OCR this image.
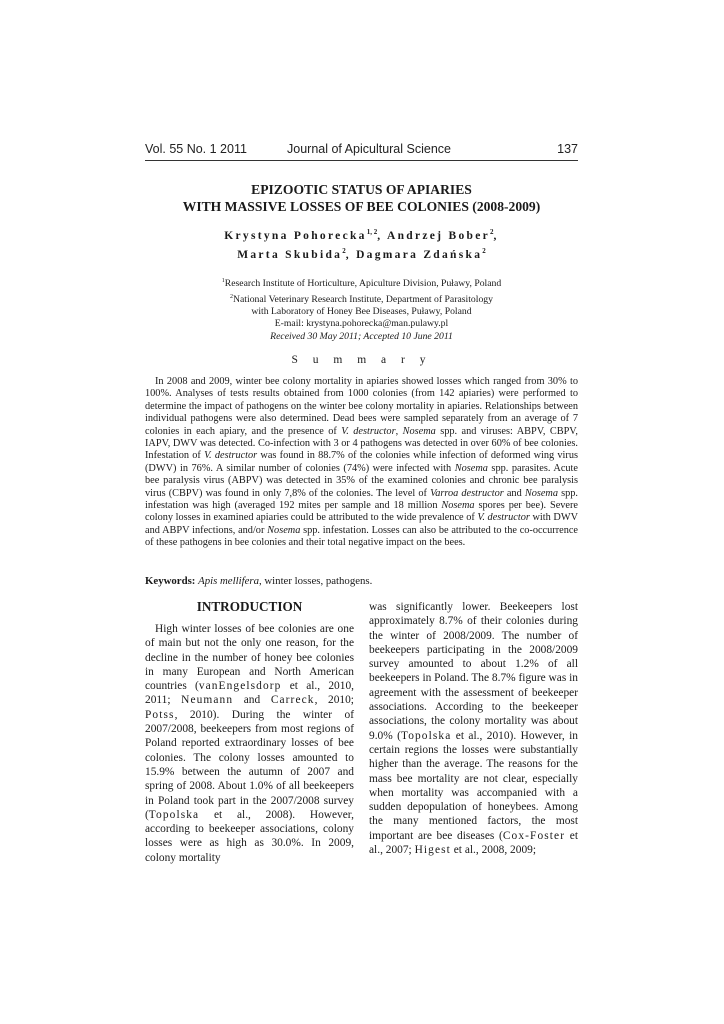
Vol. 55 No. 1 2011	Journal of Apicultural Science	137
EPIZOOTIC STATUS OF APIARIES
WITH MASSIVE LOSSES OF BEE COLONIES (2008-2009)
Krystyna Pohorecka$^{1, 2}$, Andrzej Bober$^2$,
Marta Skubida$^2$, Dagmara Zdańska$^2$
$^1$Research Institute of Horticulture, Apiculture Division, Puławy, Poland
$^2$National Veterinary Research Institute, Department of Parasitology
with Laboratory of Honey Bee Diseases, Puławy, Poland
E-mail: krystyna.pohorecka@man.pulawy.pl
Received 30 May 2011; Accepted 10 June 2011
S u m m a r y

In 2008 and 2009, winter bee colony mortality in apiaries showed losses which ranged from 30% to 100%. Analyses of tests results obtained from 1000 colonies (from 142 apiaries) were performed to determine the impact of pathogens on the winter bee colony mortality in apiaries. Relationships between individual pathogens were also determined. Dead bees were sampled separately from an average of 7 colonies in each apiary, and the presence of V. destructor, Nosema spp. and viruses: ABPV, CBPV, IAPV, DWV was detected. Co-infection with 3 or 4 pathogens was detected in over 60% of bee colonies. Infestation of V. destructor was found in 88.7% of the colonies while infection of deformed wing virus (DWV) in 76%. A similar number of colonies (74%) were infected with Nosema spp. parasites. Acute bee paralysis virus (ABPV) was detected in 35% of the examined colonies and chronic bee paralysis virus (CBPV) was found in only 7,8% of the colonies. The level of Varroa destructor and Nosema spp. infestation was high (averaged 192 mites per sample and 18 million Nosema spores per bee). Severe colony losses in examined apiaries could be attributed to the wide prevalence of V. destructor with DWV and ABPV infections, and/or Nosema spp. infestation. Losses can also be attributed to the co-occurrence of these pathogens in bee colonies and their total negative impact on the bees.

Keywords: Apis mellifera, winter losses, pathogens.
INTRODUCTION

High winter losses of bee colonies are one of main but not the only one reason, for the decline in the number of honey bee colonies in many European and North American countries (vanEngelsdorp et al., 2010, 2011; Neumann and Carreck, 2010; Potss, 2010). During the winter of 2007/2008, beekeepers from most regions of Poland reported extraordinary losses of bee colonies. The colony losses amounted to 15.9% between the autumn of 2007 and spring of 2008. About 1.0% of all beekeepers in Poland took part in the 2007/2008 survey (Topolska et al., 2008). However, according to beekeeper associations, colony losses were as high as 30.0%. In 2009, colony mortality

was significantly lower. Beekeepers lost approximately 8.7% of their colonies during the winter of 2008/2009. The number of beekeepers participating in the 2008/2009 survey amounted to about 1.2% of all beekeepers in Poland. The 8.7% figure was in agreement with the assessment of beekeeper associations. According to the beekeeper associations, the colony mortality was about 9.0% (Topolska et al., 2010). However, in certain regions the losses were substantially higher than the average. The reasons for the mass bee mortality are not clear, especially when mortality was accompanied with a sudden depopulation of honeybees. Among the many mentioned factors, the most important are bee diseases (Cox-Foster et al., 2007; Higest et al., 2008, 2009;
